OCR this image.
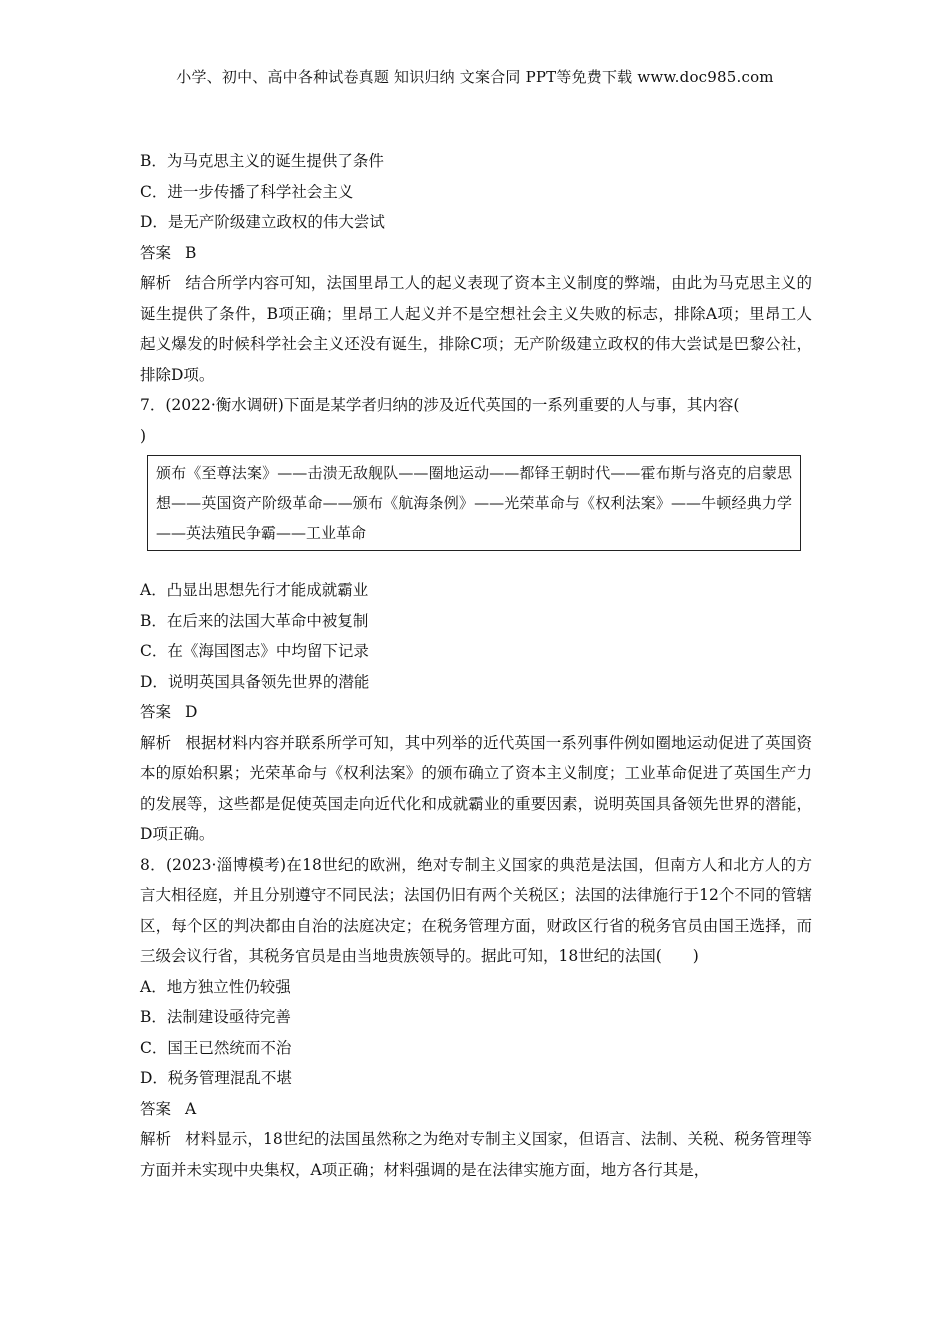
小学、初中、高中各种试卷真题 知识归纳 文案合同 PPT等免费下载 www.doc985.com
B．为马克思主义的诞生提供了条件
C．进一步传播了科学社会主义
D．是无产阶级建立政权的伟大尝试
答案 B
解析 结合所学内容可知，法国里昂工人的起义表现了资本主义制度的弊端，由此为马克思主义的诞生提供了条件，B项正确；里昂工人起义并不是空想社会主义失败的标志，排除A项；里昂工人起义爆发的时候科学社会主义还没有诞生，排除C项；无产阶级建立政权的伟大尝试是巴黎公社，排除D项。
7．(2022·衡水调研)下面是某学者归纳的涉及近代英国的一系列重要的人与事，其内容(
)
颁布《至尊法案》——击溃无敌舰队——圈地运动——都铎王朝时代——霍布斯与洛克的启蒙思想——英国资产阶级革命——颁布《航海条例》——光荣革命与《权利法案》——牛顿经典力学——英法殖民争霸——工业革命
A．凸显出思想先行才能成就霸业
B．在后来的法国大革命中被复制
C．在《海国图志》中均留下记录
D．说明英国具备领先世界的潜能
答案 D
解析 根据材料内容并联系所学可知，其中列举的近代英国一系列事件例如圈地运动促进了英国资本的原始积累；光荣革命与《权利法案》的颁布确立了资本主义制度；工业革命促进了英国生产力的发展等，这些都是促使英国走向近代化和成就霸业的重要因素，说明英国具备领先世界的潜能，D项正确。
8．(2023·淄博模考)在18世纪的欧洲，绝对专制主义国家的典范是法国，但南方人和北方人的方言大相径庭，并且分别遵守不同民法；法国仍旧有两个关税区；法国的法律施行于12个不同的管辖区，每个区的判决都由自治的法庭决定；在税务管理方面，财政区行省的税务官员由国王选择，而三级会议行省，其税务官员是由当地贵族领导的。据此可知，18世纪的法国(　　)
A．地方独立性仍较强
B．法制建设亟待完善
C．国王已然统而不治
D．税务管理混乱不堪
答案 A
解析 材料显示，18世纪的法国虽然称之为绝对专制主义国家，但语言、法制、关税、税务管理等方面并未实现中央集权，A项正确；材料强调的是在法律实施方面，地方各行其是，
